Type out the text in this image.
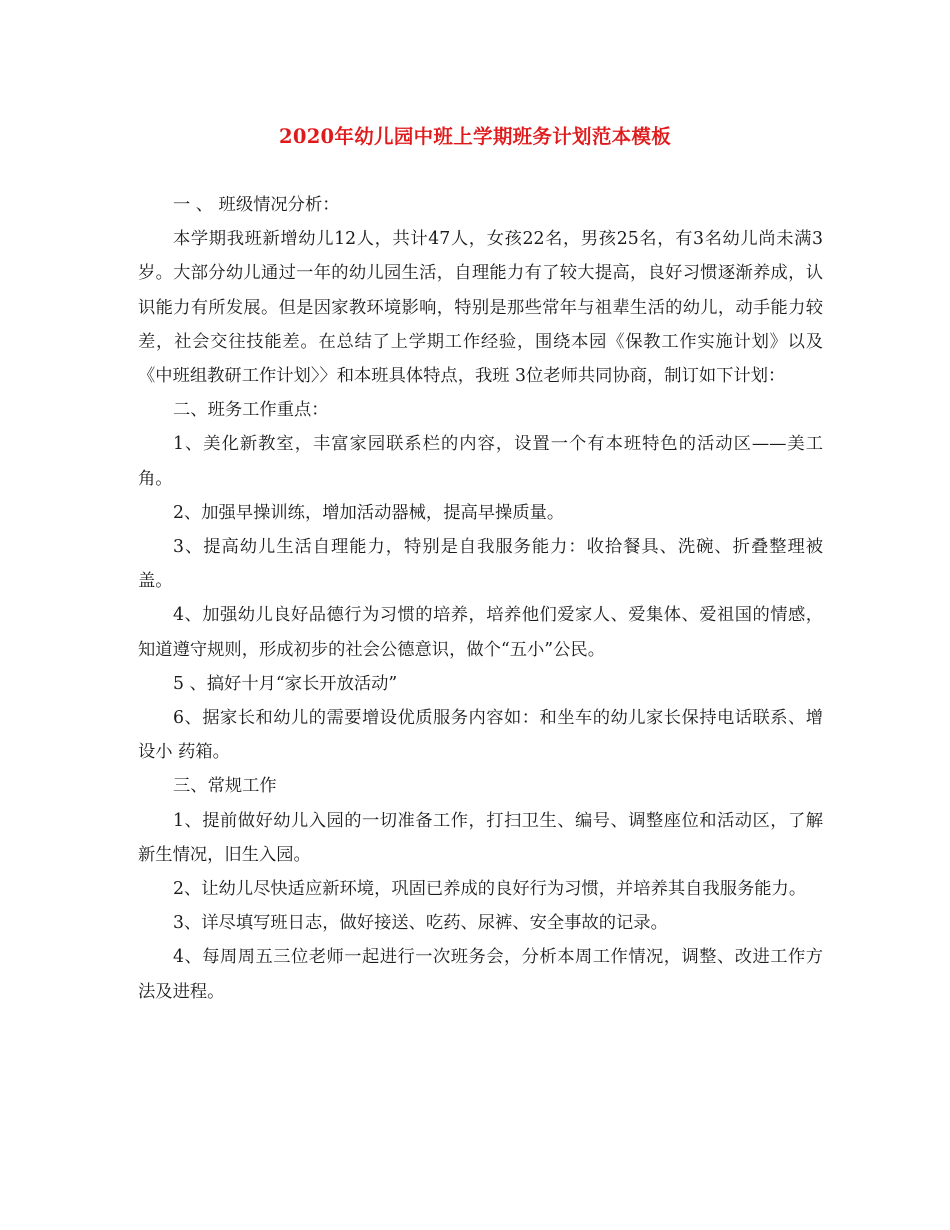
2020年幼儿园中班上学期班务计划范本模板

一 、 班级情况分析：

本学期我班新增幼儿12人，共计47人，女孩22名，男孩25名，有3名幼儿尚未满3岁。大部分幼儿通过一年的幼儿园生活，自理能力有了较大提高，良好习惯逐渐养成，认识能力有所发展。但是因家教环境影响，特别是那些常年与祖辈生活的幼儿，动手能力较差，社会交往技能差。在总结了上学期工作经验，围绕本园《保教工作实施计划》以及《中班组教研工作计划〉〉和本班具体特点，我班 3位老师共同协商，制订如下计划：

二、班务工作重点：

1、美化新教室，丰富家园联系栏的内容，设置一个有本班特色的活动区——美工角。

2、加强早操训练，增加活动器械，提高早操质量。

3、提高幼儿生活自理能力，特别是自我服务能力：收拾餐具、洗碗、折叠整理被盖。

4、加强幼儿良好品德行为习惯的培养，培养他们爱家人、爱集体、爱祖国的情感，知道遵守规则，形成初步的社会公德意识，做个“五小”公民。

5 、搞好十月“家长开放活动”

6、据家长和幼儿的需要增设优质服务内容如：和坐车的幼儿家长保持电话联系、增设小 药箱。

三、常规工作

1、提前做好幼儿入园的一切准备工作，打扫卫生、编号、调整座位和活动区，了解新生情况，旧生入园。

2、让幼儿尽快适应新环境，巩固已养成的良好行为习惯，并培养其自我服务能力。

3、详尽填写班日志，做好接送、吃药、尿裤、安全事故的记录。

4、每周周五三位老师一起进行一次班务会，分析本周工作情况，调整、改进工作方法及进程。
